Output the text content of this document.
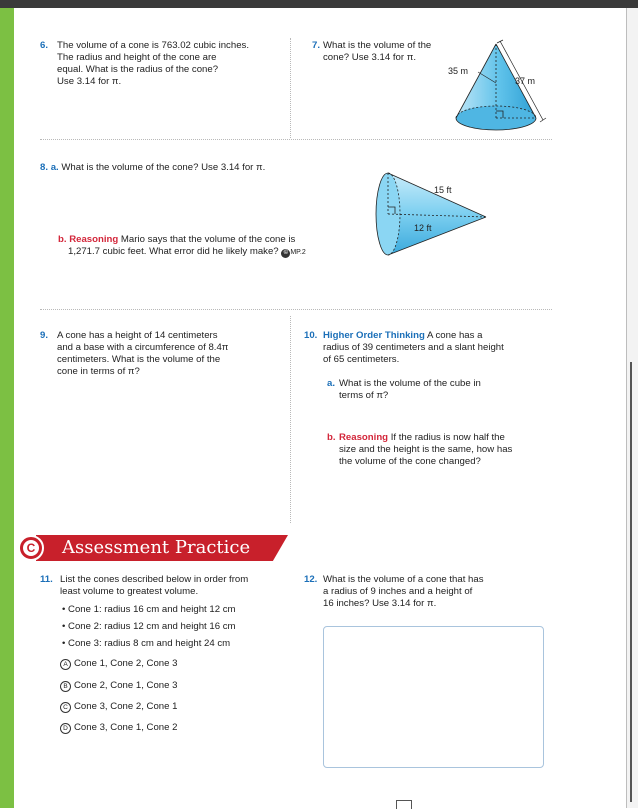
6. The volume of a cone is 763.02 cubic inches.
The radius and height of the cone are
equal. What is the radius of the cone?
Use 3.14 for π.
7. What is the volume of the
cone? Use 3.14 for π.
35 m
37 m
8. a. What is the volume of the cone? Use 3.14 for π.
15 ft
12 ft
b. Reasoning Mario says that the volume of the cone is
1,271.7 cubic feet. What error did he likely make? © MP.2
9. A cone has a height of 14 centimeters
and a base with a circumference of 8.4π
centimeters. What is the volume of the
cone in terms of π?
10. Higher Order Thinking A cone has a
radius of 39 centimeters and a slant height
of 65 centimeters.
a. What is the volume of the cube in
terms of π?
b. Reasoning If the radius is now half the
size and the height is the same, how has
the volume of the cone changed?
C Assessment Practice
11. List the cones described below in order from
least volume to greatest volume.
• Cone 1: radius 16 cm and height 12 cm
• Cone 2: radius 12 cm and height 16 cm
• Cone 3: radius 8 cm and height 24 cm
A Cone 1, Cone 2, Cone 3
B Cone 2, Cone 1, Cone 3
C Cone 3, Cone 2, Cone 1
D Cone 3, Cone 1, Cone 2
12. What is the volume of a cone that has
a radius of 9 inches and a height of
16 inches? Use 3.14 for π.
